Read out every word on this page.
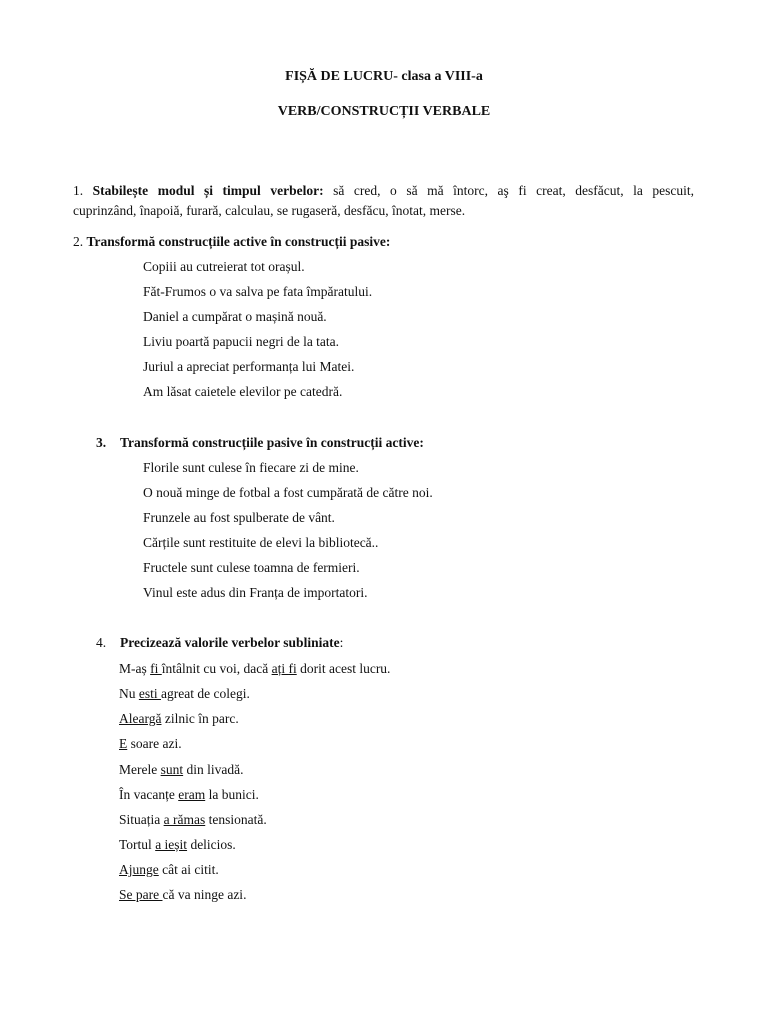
FIȘĂ DE LUCRU- clasa a VIII-a
VERB/CONSTRUCȚII VERBALE
1. Stabilește modul și timpul verbelor: să cred, o să mă întorc, aş fi creat, desfăcut, la pescuit,
cuprinzând, înapoiă, furară, calculau, se rugaseră, desfăcu, înotat, merse.
2. Transformă construcțiile active în construcții pasive:
Copiii au cutreierat tot orașul.
Făt-Frumos o va salva pe fata împăratului.
Daniel a cumpărat o mașină nouă.
Liviu poartă papucii negri de la tata.
Juriul a apreciat performanța lui Matei.
Am lăsat caietele elevilor pe catedră.
3. Transformă construcțiile pasive în construcții active:
Florile sunt culese în fiecare zi de mine.
O nouă minge de fotbal a fost cumpărată de către noi.
Frunzele au fost spulberate de vânt.
Cărțile sunt restituite de elevi la bibliotecă..
Fructele sunt culese toamna de fermieri.
Vinul este adus din Franța de importatori.
4. Precizează valorile verbelor subliniate:
M-aș fi întâlnit cu voi, dacă ați fi dorit acest lucru.
Nu esti agreat de colegi.
Aleargă zilnic în parc.
E soare azi.
Merele sunt din livadă.
În vacanțe eram la bunici.
Situația a rămas tensionată.
Tortul a ieșit delicios.
Ajunge cât ai citit.
Se pare că va ninge azi.
